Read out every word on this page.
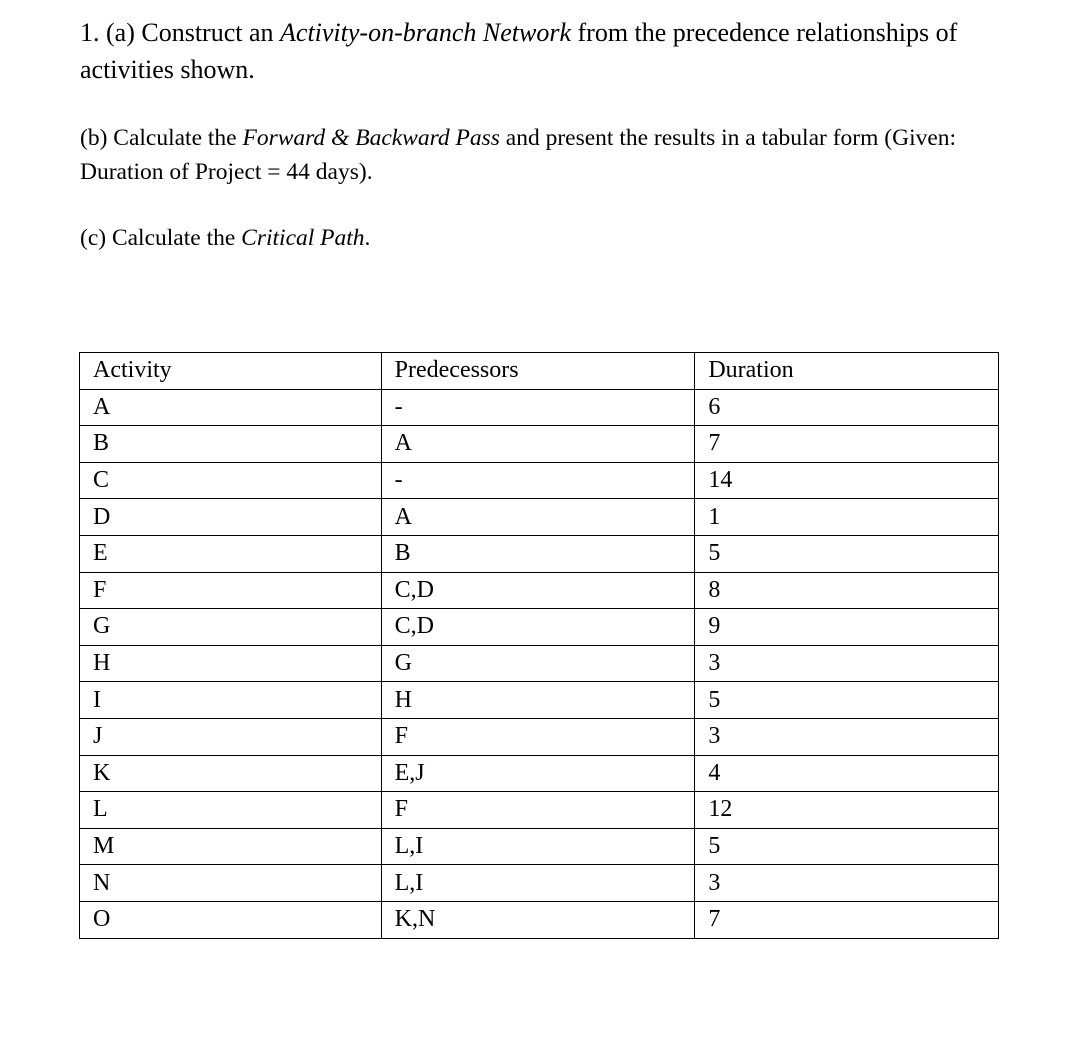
1. (a) Construct an Activity-on-branch Network from the precedence relationships of activities shown.
(b) Calculate the Forward & Backward Pass and present the results in a tabular form (Given: Duration of Project = 44 days).
(c) Calculate the Critical Path.
Activity	Predecessors	Duration
A	-	6
B	A	7
C	-	14
D	A	1
E	B	5
F	C,D	8
G	C,D	9
H	G	3
I	H	5
J	F	3
K	E,J	4
L	F	12
M	L,I	5
N	L,I	3
O	K,N	7
